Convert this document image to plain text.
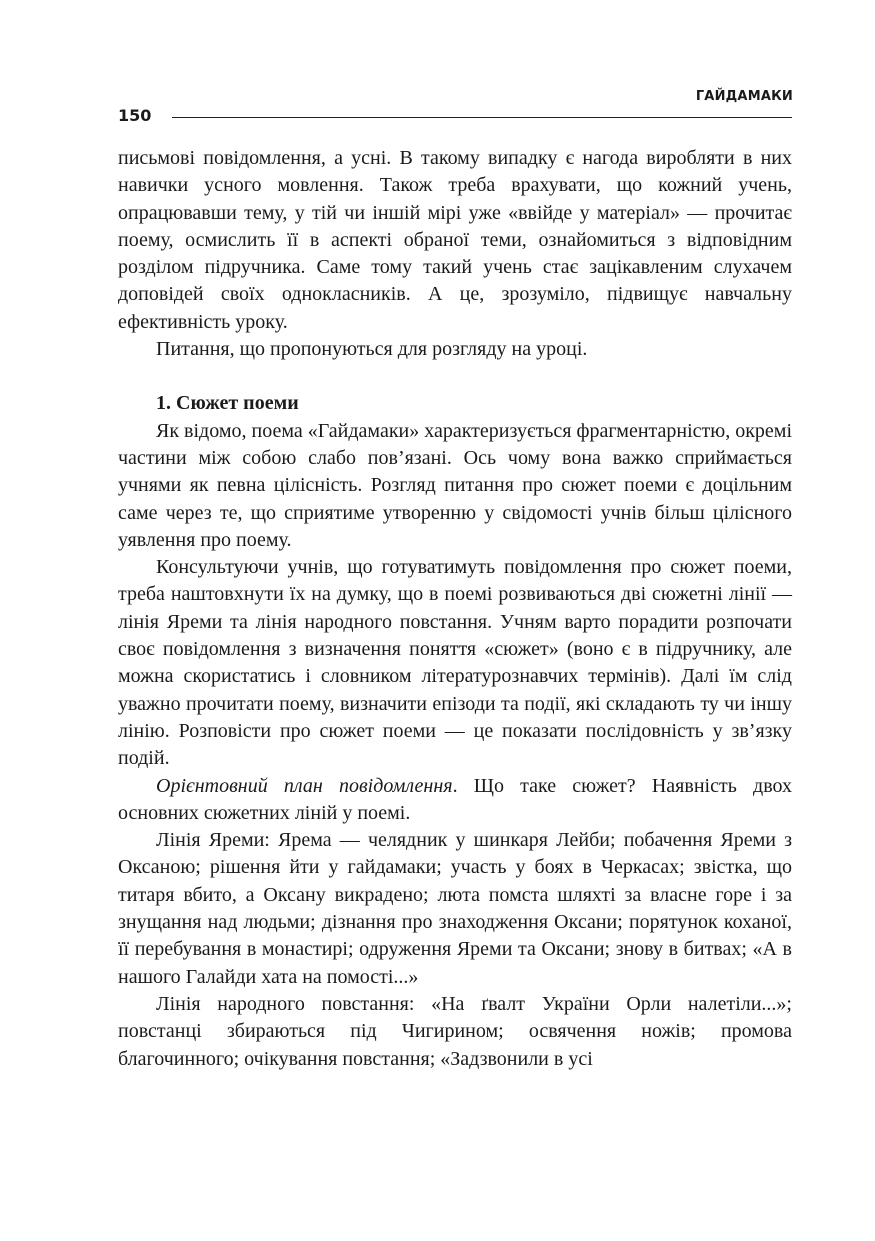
ГАЙДАМАКИ
150

письмові повідомлення, а усні. В такому випадку є нагода виробляти в них навички усного мовлення. Також треба врахувати, що кожний учень, опрацювавши тему, у тій чи іншій мірі уже «ввійде у матеріал» — прочитає поему, осмислить її в аспекті обраної теми, ознайомиться з відповідним розділом підручника. Саме тому такий учень стає зацікавленим слухачем доповідей своїх однокласників. А це, зрозуміло, підвищує навчальну ефективність уроку.

Питання, що пропонуються для розгляду на уроці.

1. Сюжет поеми

Як відомо, поема «Гайдамаки» характеризується фрагментарністю, окремі частини між собою слабо пов’язані. Ось чому вона важко сприймається учнями як певна цілісність. Розгляд питання про сюжет поеми є доцільним саме через те, що сприятиме утворенню у свідомості учнів більш цілісного уявлення про поему.

Консультуючи учнів, що готуватимуть повідомлення про сюжет поеми, треба наштовхнути їх на думку, що в поемі розвиваються дві сюжетні лінії — лінія Яреми та лінія народного повстання. Учням варто порадити розпочати своє повідомлення з визначення поняття «сюжет» (воно є в підручнику, але можна скористатись і словником літературознавчих термінів). Далі їм слід уважно прочитати поему, визначити епізоди та події, які складають ту чи іншу лінію. Розповісти про сюжет поеми — це показати послідовність у зв’язку подій.

Орієнтовний план повідомлення. Що таке сюжет? Наявність двох основних сюжетних ліній у поемі.

Лінія Яреми: Ярема — челядник у шинкаря Лейби; побачення Яреми з Оксаною; рішення йти у гайдамаки; участь у боях в Черкасах; звістка, що титаря вбито, а Оксану викрадено; люта помста шляхті за власне горе і за знущання над людьми; дізнання про знаходження Оксани; порятунок коханої, її перебування в монастирі; одруження Яреми та Оксани; знову в битвах; «А в нашого Галайди хата на помості...»

Лінія народного повстання: «На ґвалт України Орли налетіли...»; повстанці збираються під Чигирином; освячення ножів; промова благочинного; очікування повстання; «Задзвонили в усі
